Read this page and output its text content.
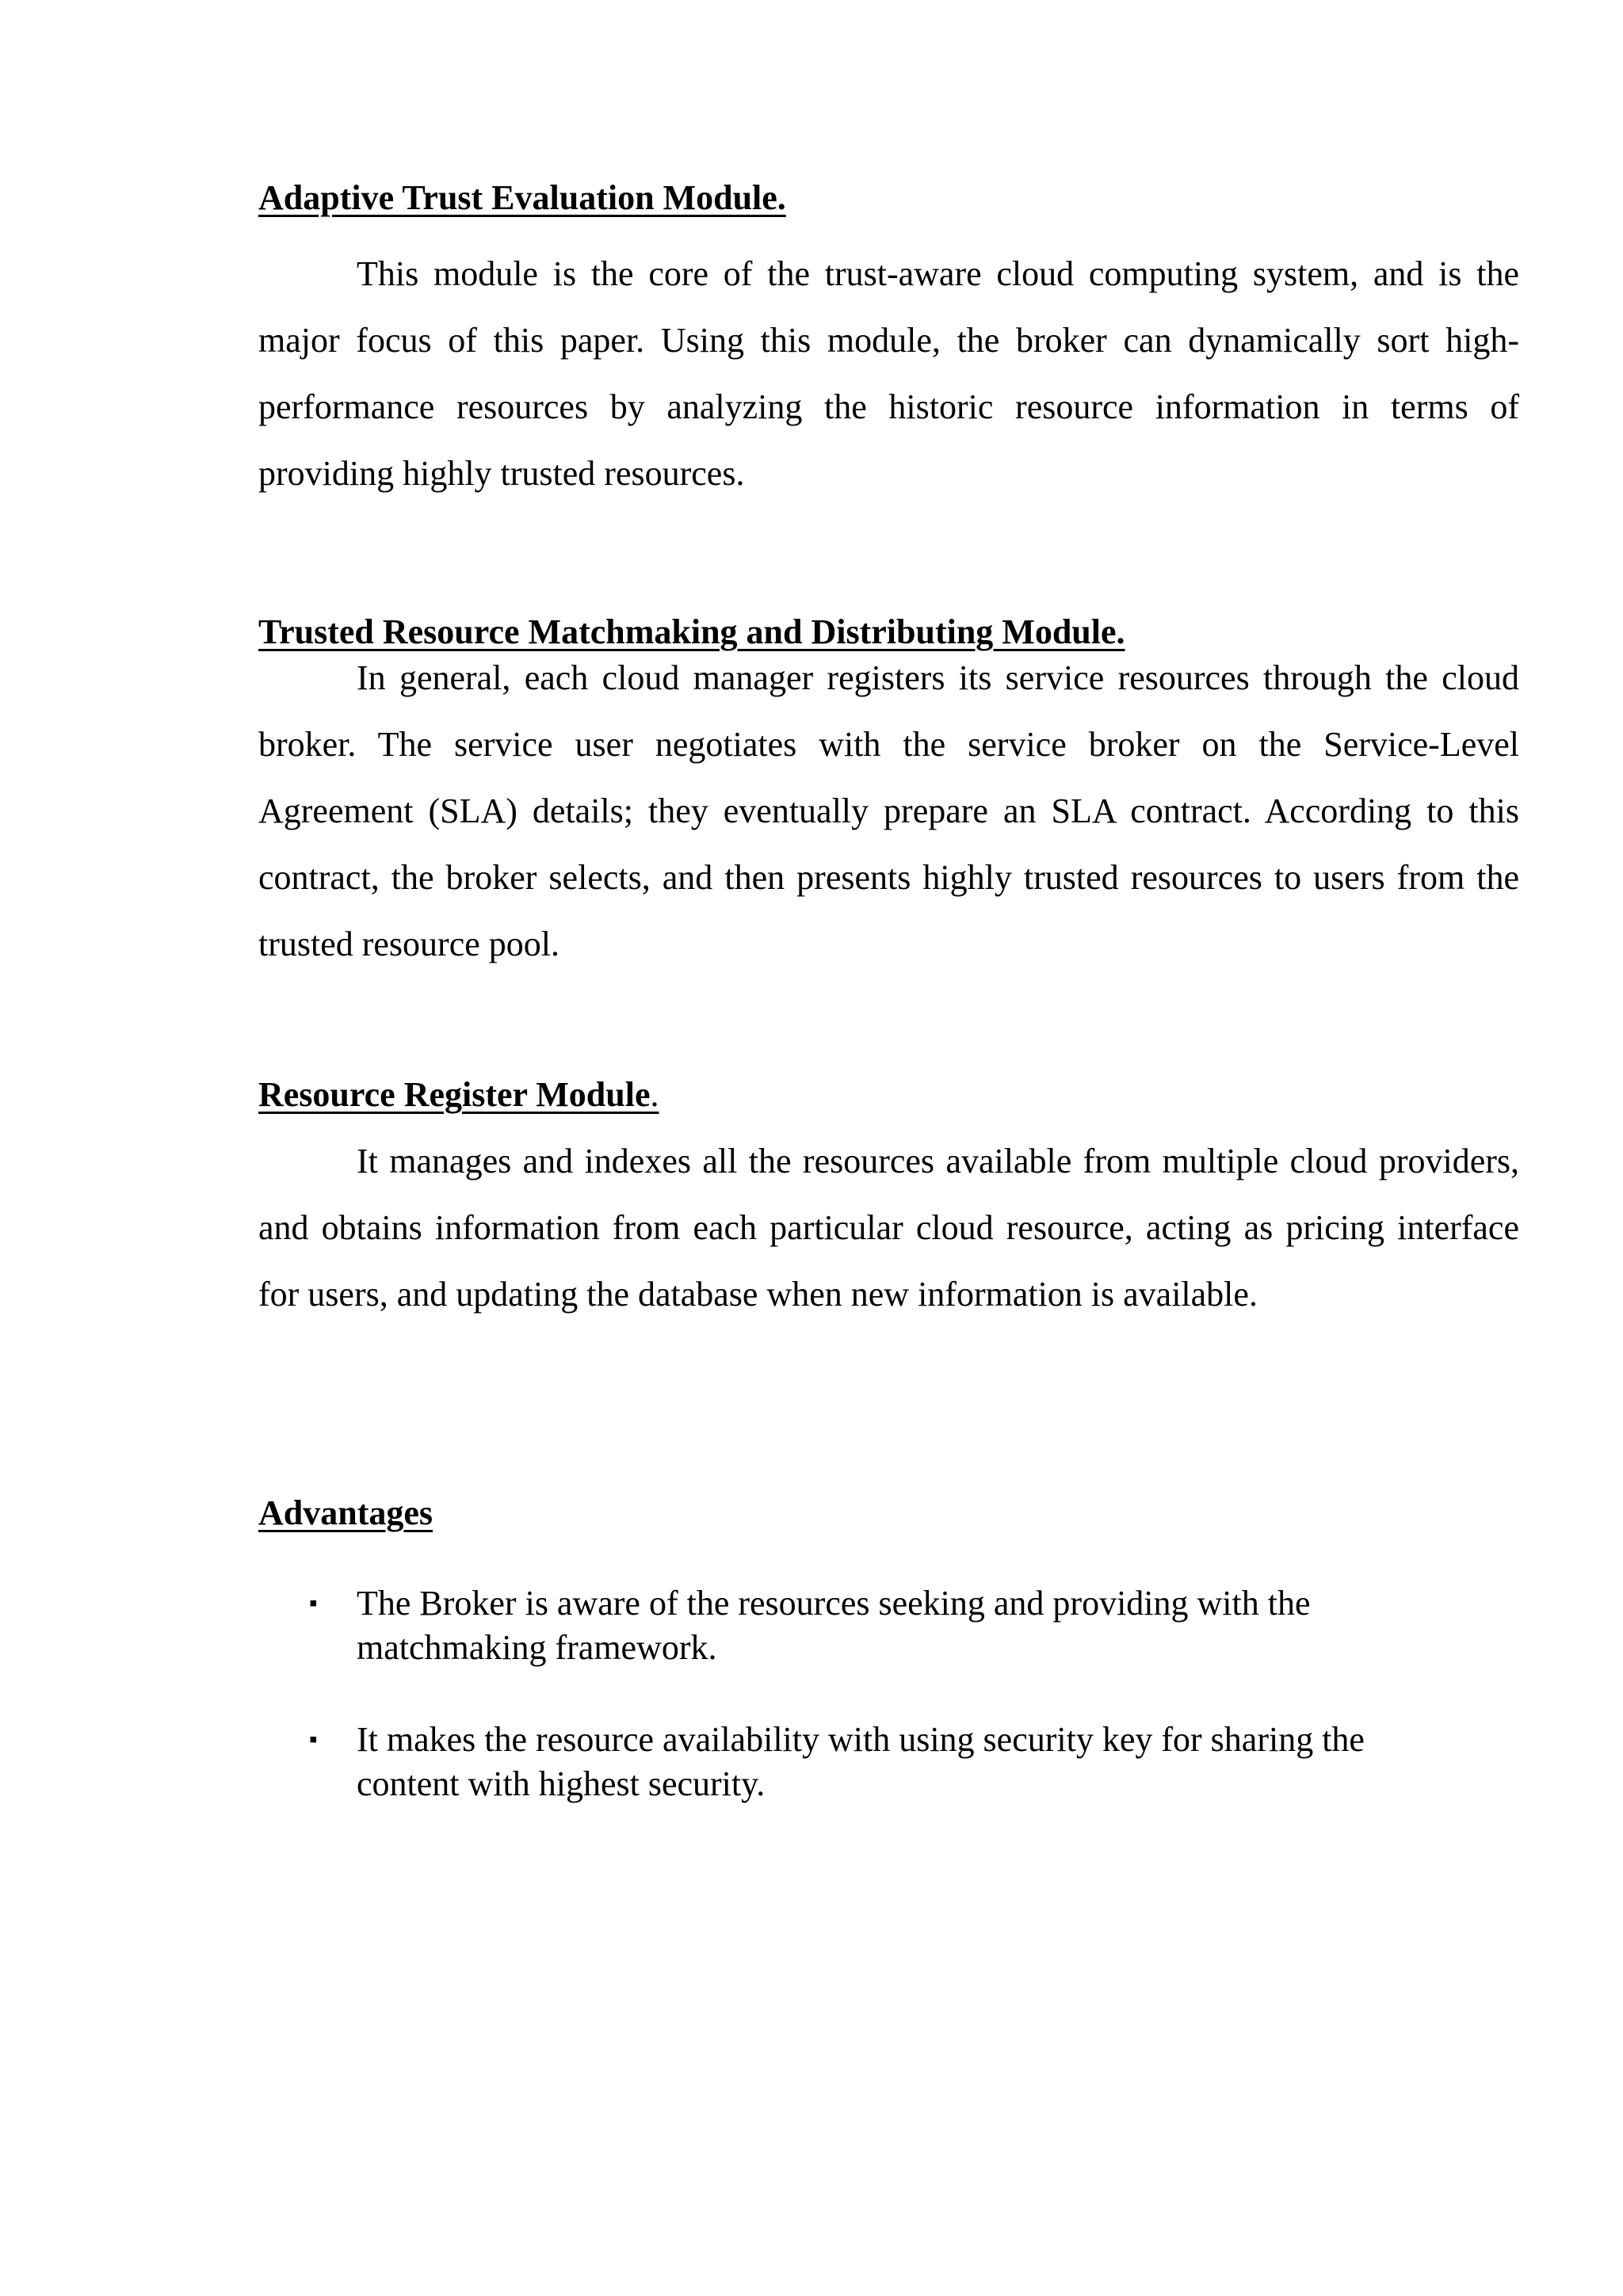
Adaptive Trust Evaluation Module.

This module is the core of the trust-aware cloud computing system, and is the major focus of this paper. Using this module, the broker can dynamically sort high-performance resources by analyzing the historic resource information in terms of providing highly trusted resources.

Trusted Resource Matchmaking and Distributing Module.

In general, each cloud manager registers its service resources through the cloud broker. The service user negotiates with the service broker on the Service-Level Agreement (SLA) details; they eventually prepare an SLA contract. According to this contract, the broker selects, and then presents highly trusted resources to users from the trusted resource pool.

Resource Register Module.

It manages and indexes all the resources available from multiple cloud providers, and obtains information from each particular cloud resource, acting as pricing interface for users, and updating the database when new information is available.

Advantages
▪ The Broker is aware of the resources seeking and providing with the matchmaking framework.
▪ It makes the resource availability with using security key for sharing the content with highest security.
